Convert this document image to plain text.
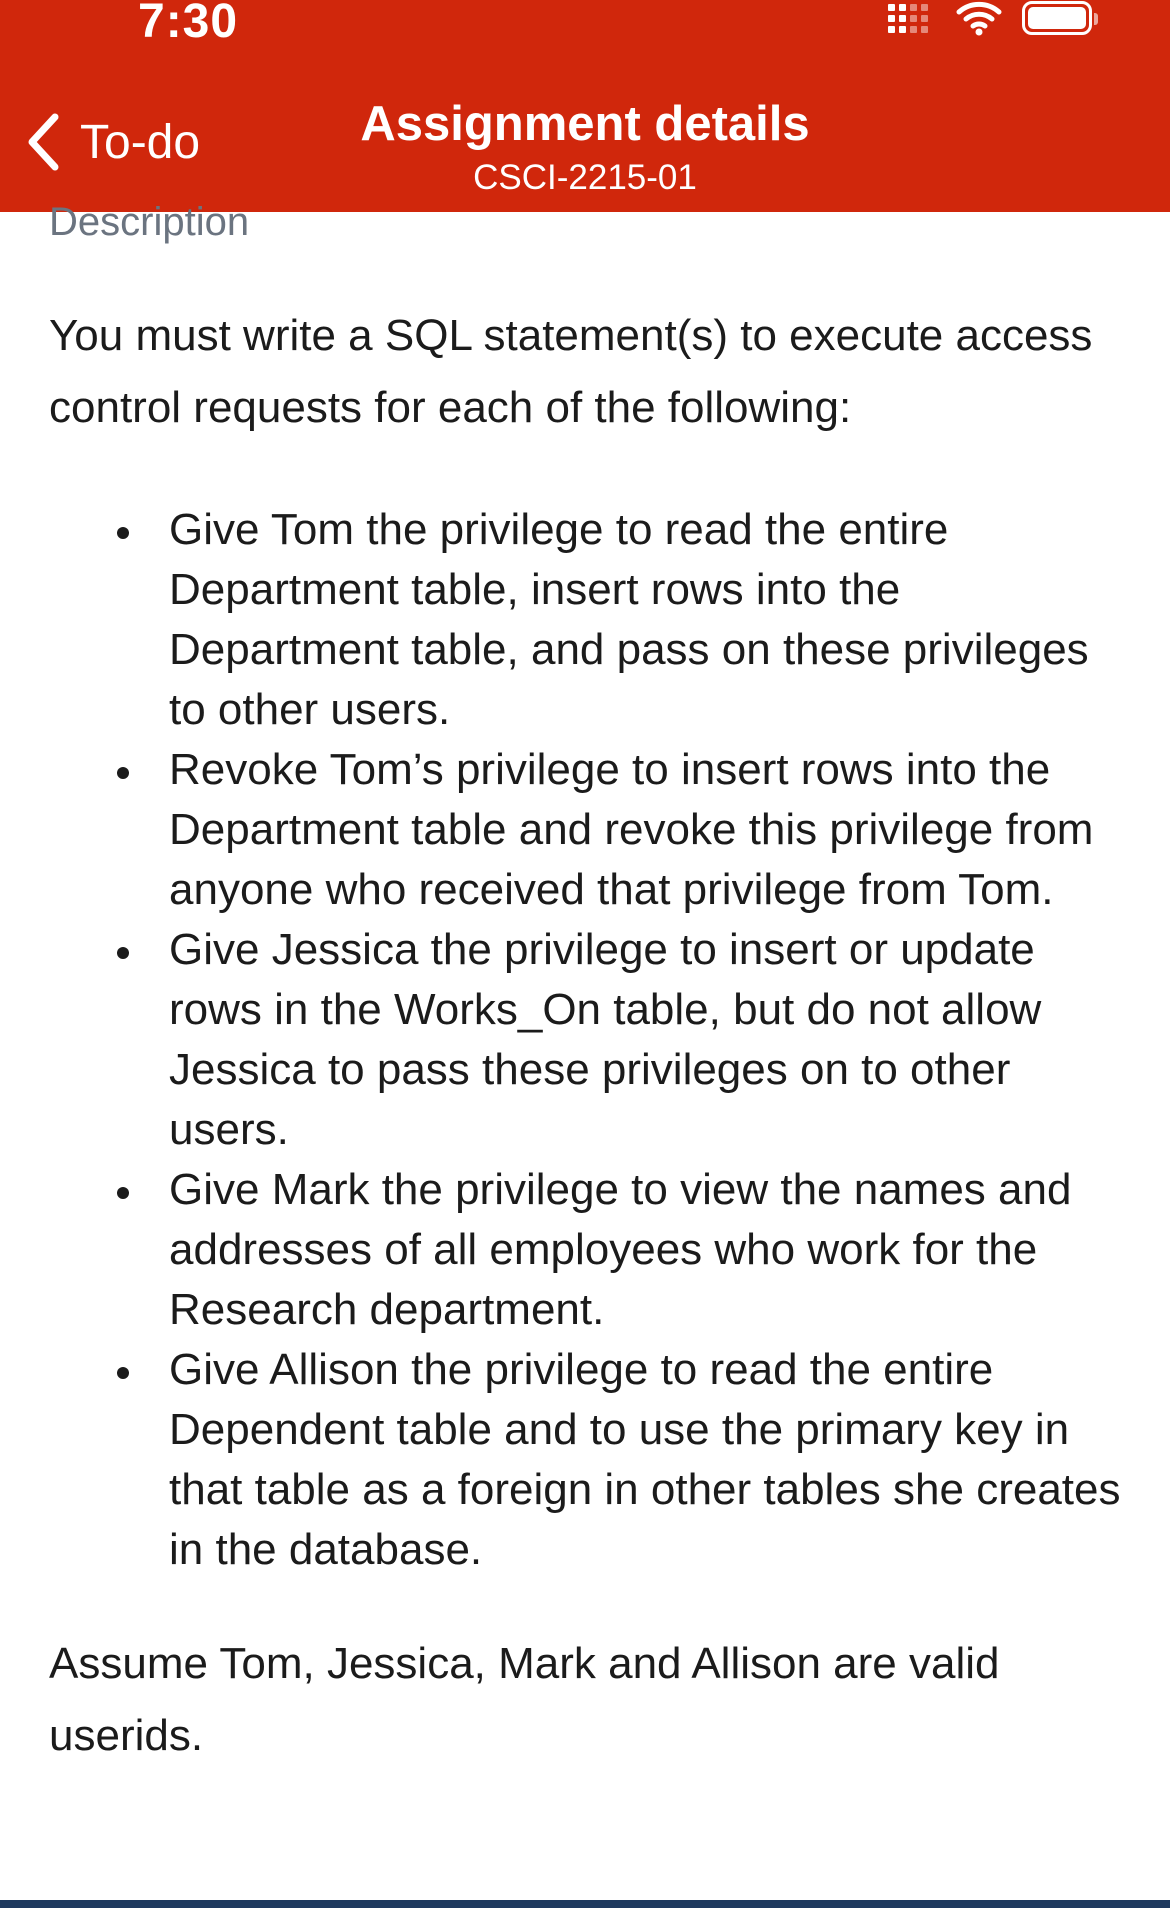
7:30
To-do	Assignment details
CSCI-2215-01
Description

You must write a SQL statement(s) to execute access control requests for each of the following:

Give Tom the privilege to read the entire Department table, insert rows into the Department table, and pass on these privileges to other users.
Revoke Tom’s privilege to insert rows into the Department table and revoke this privilege from anyone who received that privilege from Tom.
Give Jessica the privilege to insert or update rows in the Works_On table, but do not allow Jessica to pass these privileges on to other users.
Give Mark the privilege to view the names and addresses of all employees who work for the Research department.
Give Allison the privilege to read the entire Dependent table and to use the primary key in that table as a foreign in other tables she creates in the database.

Assume Tom, Jessica, Mark and Allison are valid userids.
